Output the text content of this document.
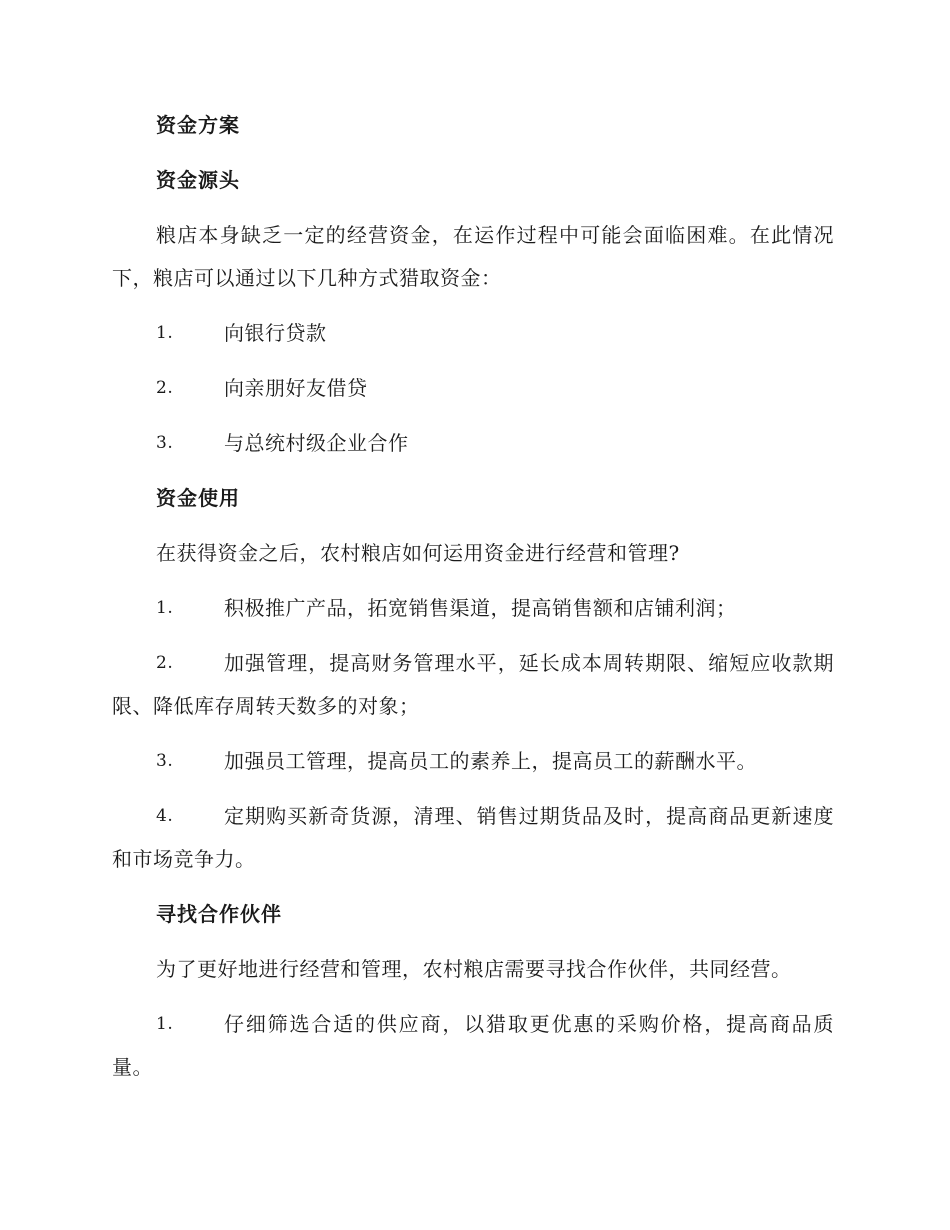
资金方案
资金源头
粮店本身缺乏一定的经营资金，在运作过程中可能会面临困难。在此情况下，粮店可以通过以下几种方式猎取资金：
1.	向银行贷款
2.	向亲朋好友借贷
3.	与总统村级企业合作
资金使用
在获得资金之后，农村粮店如何运用资金进行经营和管理?
1.	积极推广产品，拓宽销售渠道，提高销售额和店铺利润；
2.	加强管理，提高财务管理水平，延长成本周转期限、缩短应收款期限、降低库存周转天数多的对象；
3.	加强员工管理，提高员工的素养上，提高员工的薪酬水平。
4.	定期购买新奇货源，清理、销售过期货品及时，提高商品更新速度和市场竞争力。
寻找合作伙伴
为了更好地进行经营和管理，农村粮店需要寻找合作伙伴，共同经营。
1.	仔细筛选合适的供应商，以猎取更优惠的采购价格，提高商品质量。
